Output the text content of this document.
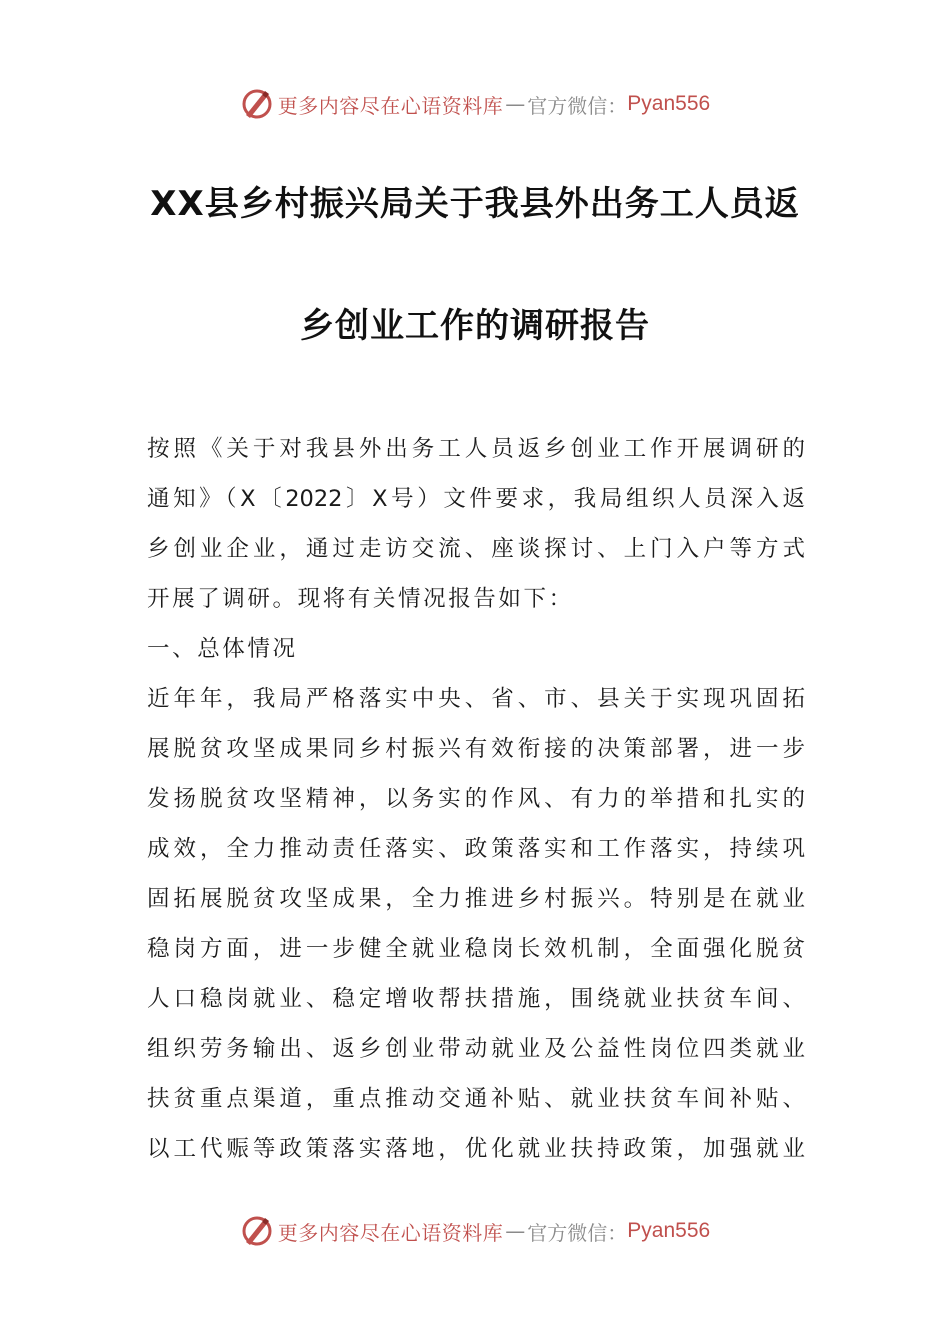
更多内容尽在心语资料库 — 官方微信： Pyan556
XX县乡村振兴局关于我县外出务工人员返
乡创业工作的调研报告
按照《关于对我县外出务工人员返乡创业工作开展调研的
通知》（X〔2022〕X号）文件要求，我局组织人员深入返
乡创业企业，通过走访交流、座谈探讨、上门入户等方式
开展了调研。现将有关情况报告如下：
一、总体情况
近年年，我局严格落实中央、省、市、县关于实现巩固拓
展脱贫攻坚成果同乡村振兴有效衔接的决策部署，进一步
发扬脱贫攻坚精神，以务实的作风、有力的举措和扎实的
成效，全力推动责任落实、政策落实和工作落实，持续巩
固拓展脱贫攻坚成果，全力推进乡村振兴。特别是在就业
稳岗方面，进一步健全就业稳岗长效机制，全面强化脱贫
人口稳岗就业、稳定增收帮扶措施，围绕就业扶贫车间、
组织劳务输出、返乡创业带动就业及公益性岗位四类就业
扶贫重点渠道，重点推动交通补贴、就业扶贫车间补贴、
以工代赈等政策落实落地，优化就业扶持政策，加强就业
更多内容尽在心语资料库 — 官方微信： Pyan556
